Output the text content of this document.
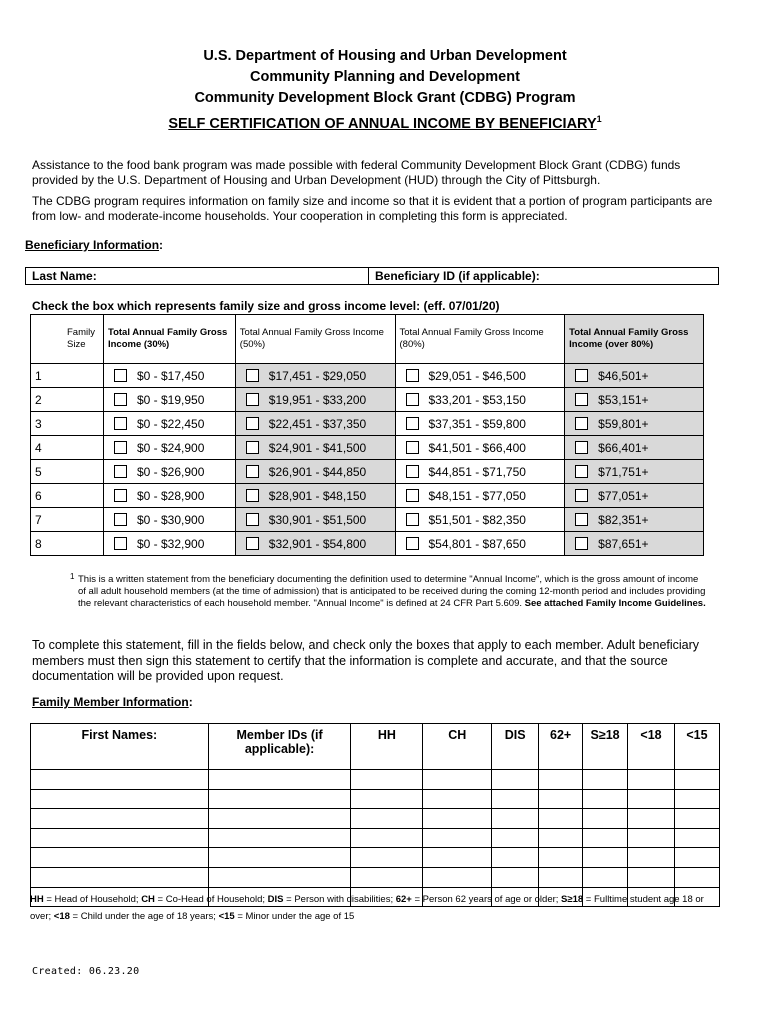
U.S. Department of Housing and Urban Development
Community Planning and Development
Community Development Block Grant (CDBG) Program
SELF CERTIFICATION OF ANNUAL INCOME BY BENEFICIARY$^1$
Assistance to the food bank program was made possible with federal Community Development Block Grant (CDBG) funds provided by the U.S. Department of Housing and Urban Development (HUD) through the City of Pittsburgh.
The CDBG program requires information on family size and income so that it is evident that a portion of program participants are from low- and moderate-income households. Your cooperation in completing this form is appreciated.
Beneficiary Information:
Last Name:	Beneficiary ID (if applicable):
Check the box which represents family size and gross income level: (eff. 07/01/20)
Family Size	Total Annual Family Gross Income (30%)	Total Annual Family Gross Income (50%)	Total Annual Family Gross Income (80%)	Total Annual Family Gross Income (over 80%)

1	$0 - $17,450	$17,451 - $29,050	$29,051 - $46,500	$46,501+

2	$0 - $19,950	$19,951 - $33,200	$33,201 - $53,150	$53,151+

3	$0 - $22,450	$22,451 - $37,350	$37,351 - $59,800	$59,801+

4	$0 - $24,900	$24,901 - $41,500	$41,501 - $66,400	$66,401+

5	$0 - $26,900	$26,901 - $44,850	$44,851 - $71,750	$71,751+

6	$0 - $28,900	$28,901 - $48,150	$48,151 - $77,050	$77,051+

7	$0 - $30,900	$30,901 - $51,500	$51,501 - $82,350	$82,351+

8	$0 - $32,900	$32,901 - $54,800	$54,801 - $87,650	$87,651+
1 This is a written statement from the beneficiary documenting the definition used to determine "Annual Income", which is the gross amount of income of all adult household members (at the time of admission) that is anticipated to be received during the coming 12-month period and includes providing the relevant characteristics of each household member. "Annual Income" is defined at 24 CFR Part 5.609. See attached Family Income Guidelines.
To complete this statement, fill in the fields below, and check only the boxes that apply to each member. Adult beneficiary members must then sign this statement to certify that the information is complete and accurate, and that the source documentation will be provided upon request.
Family Member Information:
First Names:	Member IDs (if applicable):	HH	CH	DIS	62+	S≥18	<18	<15

HH = Head of Household; CH = Co-Head of Household; DIS = Person with disabilities; 62+ = Person 62 years of age or older; S≥18 = Fulltime student age 18 or over; <18 = Child under the age of 18 years; <15 = Minor under the age of 15
Created: 06.23.20
